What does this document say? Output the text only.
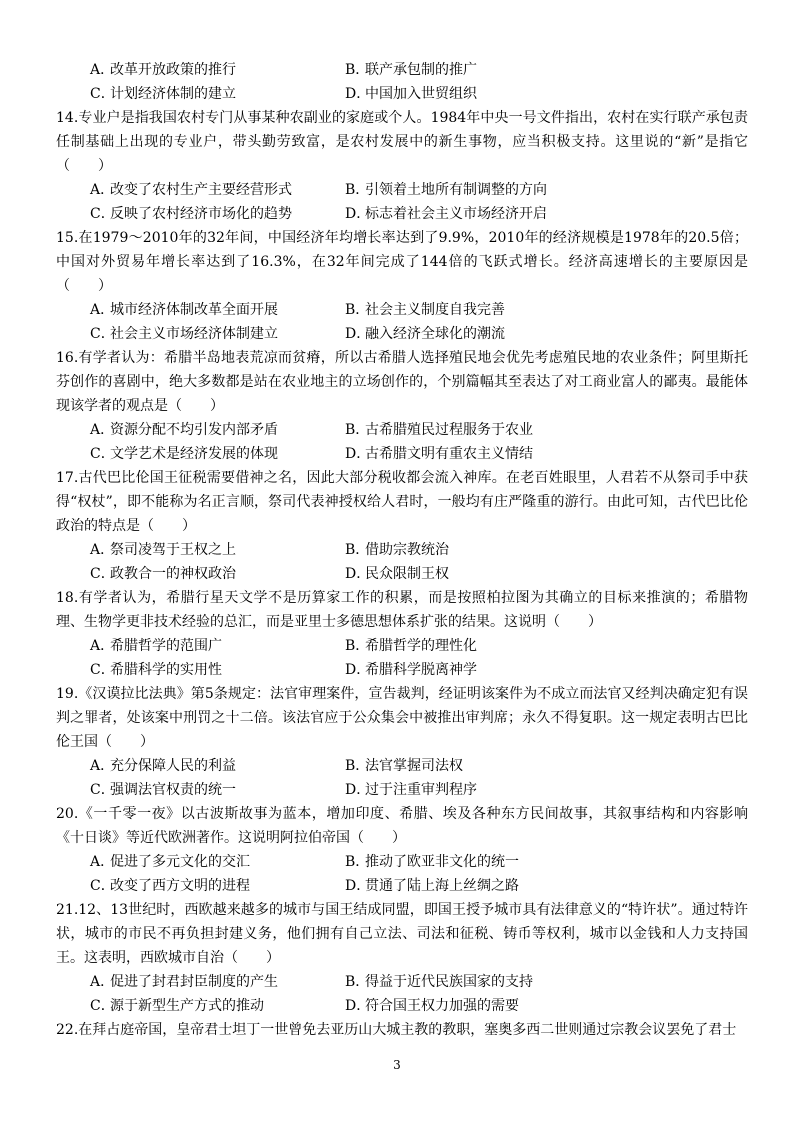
A．改革开放政策的推行	B．联产承包制的推广
C．计划经济体制的建立	D．中国加入世贸组织

14.专业户是指我国农村专门从事某种农副业的家庭或个人。1984年中央一号文件指出，农村在实行联产承包责任制基础上出现的专业户，带头勤劳致富，是农村发展中的新生事物，应当积极支持。这里说的“新”是指它（　　）

A．改变了农村生产主要经营形式	B．引领着土地所有制调整的方向
C．反映了农村经济市场化的趋势	D．标志着社会主义市场经济开启

15.在1979～2010年的32年间，中国经济年均增长率达到了9.9%，2010年的经济规模是1978年的20.5倍；中国对外贸易年增长率达到了16.3%，在32年间完成了144倍的飞跃式增长。经济高速增长的主要原因是（　　）

A．城市经济体制改革全面开展	B．社会主义制度自我完善
C．社会主义市场经济体制建立	D．融入经济全球化的潮流

16.有学者认为：希腊半岛地表荒凉而贫瘠，所以古希腊人选择殖民地会优先考虑殖民地的农业条件；阿里斯托芬创作的喜剧中，绝大多数都是站在农业地主的立场创作的，个别篇幅其至表达了对工商业富人的鄙夷。最能体现该学者的观点是（　　）

A．资源分配不均引发内部矛盾	B．古希腊殖民过程服务于农业
C．文学艺术是经济发展的体现	D．古希腊文明有重农主义情结

17.古代巴比伦国王征税需要借神之名，因此大部分税收都会流入神库。在老百姓眼里，人君若不从祭司手中获得“权杖”，即不能称为名正言顺，祭司代表神授权给人君时，一般均有庄严隆重的游行。由此可知，古代巴比伦政治的特点是（　　）

A．祭司凌驾于王权之上	B．借助宗教统治
C．政教合一的神权政治	D．民众限制王权

18.有学者认为，希腊行星天文学不是历算家工作的积累，而是按照柏拉图为其确立的目标来推演的；希腊物理、生物学更非技术经验的总汇，而是亚里士多德思想体系扩张的结果。这说明（　　）

A．希腊哲学的范围广	B．希腊哲学的理性化
C．希腊科学的实用性	D．希腊科学脱离神学

19.《汉谟拉比法典》第5条规定：法官审理案件，宣告裁判，经证明该案件为不成立而法官又经判决确定犯有误判之罪者，处该案中刑罚之十二倍。该法官应于公众集会中被推出审判席；永久不得复职。这一规定表明古巴比伦王国（　　）

A．充分保障人民的利益	B．法官掌握司法权
C．强调法官权责的统一	D．过于注重审判程序

20.《一千零一夜》以古波斯故事为蓝本，增加印度、希腊、埃及各种东方民间故事，其叙事结构和内容影响《十日谈》等近代欧洲著作。这说明阿拉伯帝国（　　）

A．促进了多元文化的交汇	B．推动了欧亚非文化的统一
C．改变了西方文明的进程	D．贯通了陆上海上丝绸之路

21.12、13世纪时，西欧越来越多的城市与国王结成同盟，即国王授予城市具有法律意义的“特许状”。通过特许状，城市的市民不再负担封建义务，他们拥有自己立法、司法和征税、铸币等权利，城市以金钱和人力支持国王。这表明，西欧城市自治（　　）

A．促进了封君封臣制度的产生	B．得益于近代民族国家的支持
C．源于新型生产方式的推动	D．符合国王权力加强的需要

22.在拜占庭帝国，皇帝君士坦丁一世曾免去亚历山大城主教的教职，塞奥多西二世则通过宗教会议罢免了君士

3
